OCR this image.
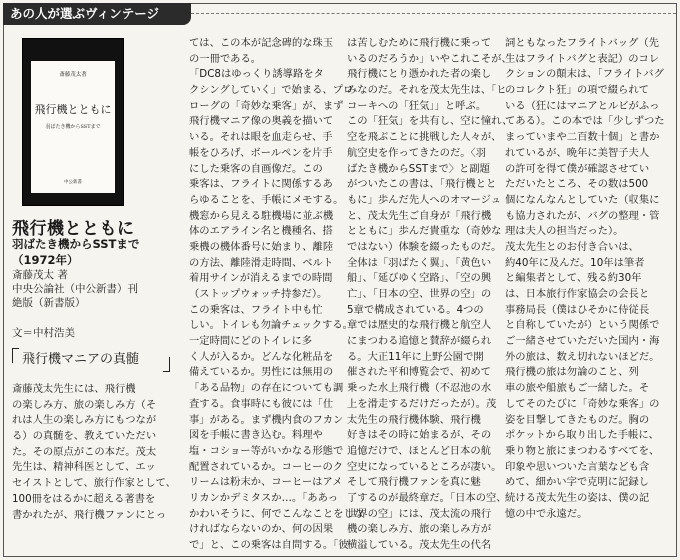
あの人が選ぶヴィンテージ
斎藤茂太著
飛行機とともに
羽ばたき機からSSTまで
中公新書
飛行機とともに
羽ばたき機からSSTまで
（1972年）
斎藤茂太 著
中央公論社（中公新書）刊
絶版（新書版）
文＝中村浩美
飛行機マニアの真髄
斎藤茂太先生には、飛行機
の楽しみ方、旅の楽しみ方（そ
れは人生の楽しみ方にもつなが
る）の真髄を、教えていただい
た。その原点がこの本だ。茂太
先生は、精神科医として、エッ
セイストとして、旅行作家として、
100冊をはるかに超える著書を
書かれたが、飛行機ファンにとっ
ては、この本が記念碑的な珠玉
の一冊である。
「DC8はゆっくり誘導路をタ
クシングしていく」で始まる、プロ
ローグの「奇妙な乗客」が、まず
飛行機マニア像の奥義を描いて
いる。それは眼を血走らせ、手
帳をひろげ、ボールペンを片手
にした乗客の自画像だ。この
乗客は、フライトに関係するあ
らゆることを、手帳にメモする。
機窓から見える駐機場に並ぶ機
体のエアライン名と機種名、搭
乗機の機体番号に始まり、離陸
の方法、離陸滑走時間、ベルト
着用サインが消えるまでの時間
（ストップウォッチ持参だ）。
この乗客は、フライト中も忙
しい。トイレも勿論チェックする。
一定時間にどのトイレに多
く人が入るか。どんな化粧品を
備えているか。男性には無用の
「ある品物」の存在についても調
査する。食事時にも彼には「仕
事」がある。まず機内食のフカン
図を手帳に書き込む。料理や
塩・コショー等がいかなる形態で
配置されているか。コーヒーのク
リームは粉末か、コーヒーはアメ
リカンかデミタスか…。「ああっ
かわいそうに、何でこんなことをしな
ければならないのか、何の因果
で」と、この乗客は自問する。「彼
は苦しむために飛行機に乗って
いるのだろうか」いやこれこそが、
飛行機にとり憑かれた者の楽し
みなのだ。それを茂太先生は、「ヒ
コーキへの「狂気」」と呼ぶ。
この「狂気」を共有し、空に憧れ、
空を飛ぶことに挑戦した人々が、
航空史を作ってきたのだ。〈羽
ばたき機からSSTまで〉と副題
がついたこの書は、「飛行機とと
もに」歩んだ先人へのオマージュ
と、茂太先生ご自身が「飛行機
とともに」歩んだ貴重な（奇妙な
ではない）体験を綴ったものだ。
全体は「羽ばたく翼」、「黄色い
船」、「延びゆく空路」、「空の興
亡」、「日本の空、世界の空」の
5章で構成されている。4つの
章では歴史的な飛行機と航空人
にまつわる追憶と賛辞が綴られ
る。大正11年に上野公園で開
催された平和博覧会で、初めて
乗った水上飛行機（不忍池の水
上を滑走するだけだったが）。茂
太先生の飛行機体験、飛行機
好きはその時に始まるが、その
追憶だけで、ほとんど日本の航
空史になっているところが凄い。
そして飛行機ファンを真に魅
了するのが最終章だ。「日本の空、
世界の空」には、茂太流の飛行
機の楽しみ方、旅の楽しみ方が
横溢している。茂太先生の代名
詞ともなったフライトバッグ（先
生はフライトバグと表記）のコレ
クションの顛末は、「フライトバグ
のコレクト狂」の項で綴られて
いる（狂にはマニアとルビがふっ
てある）。この本では「少しずつた
まっていまや二百数十個」と書か
れているが、晩年に美智子夫人
の許可を得て僕が確認させてい
ただいたところ、その数は500
個になんなんとしていた（収集に
も協力されたが、バグの整理・管
理は夫人の担当だった）。
茂太先生とのお付き合いは、
約40年に及んだ。10年は筆者
と編集者として、残る約30年
は、日本旅行作家協会の会長と
事務局長（僕はひそかに侍従長
と自称していたが）という関係で
ご一緒させていただいた国内・海
外の旅は、数え切れないほどだ。
飛行機の旅は勿論のこと、列
車の旅や船旅もご一緒した。そ
してそのたびに「奇妙な乗客」の
姿を目撃してきたものだ。胸の
ポケットから取り出した手帳に、
乗り物と旅にまつわるすべてを、
印象や思いついた言葉なども含
めて、細かい字で克明に記録し
続ける茂太先生の姿は、僕の記
憶の中で永遠だ。
